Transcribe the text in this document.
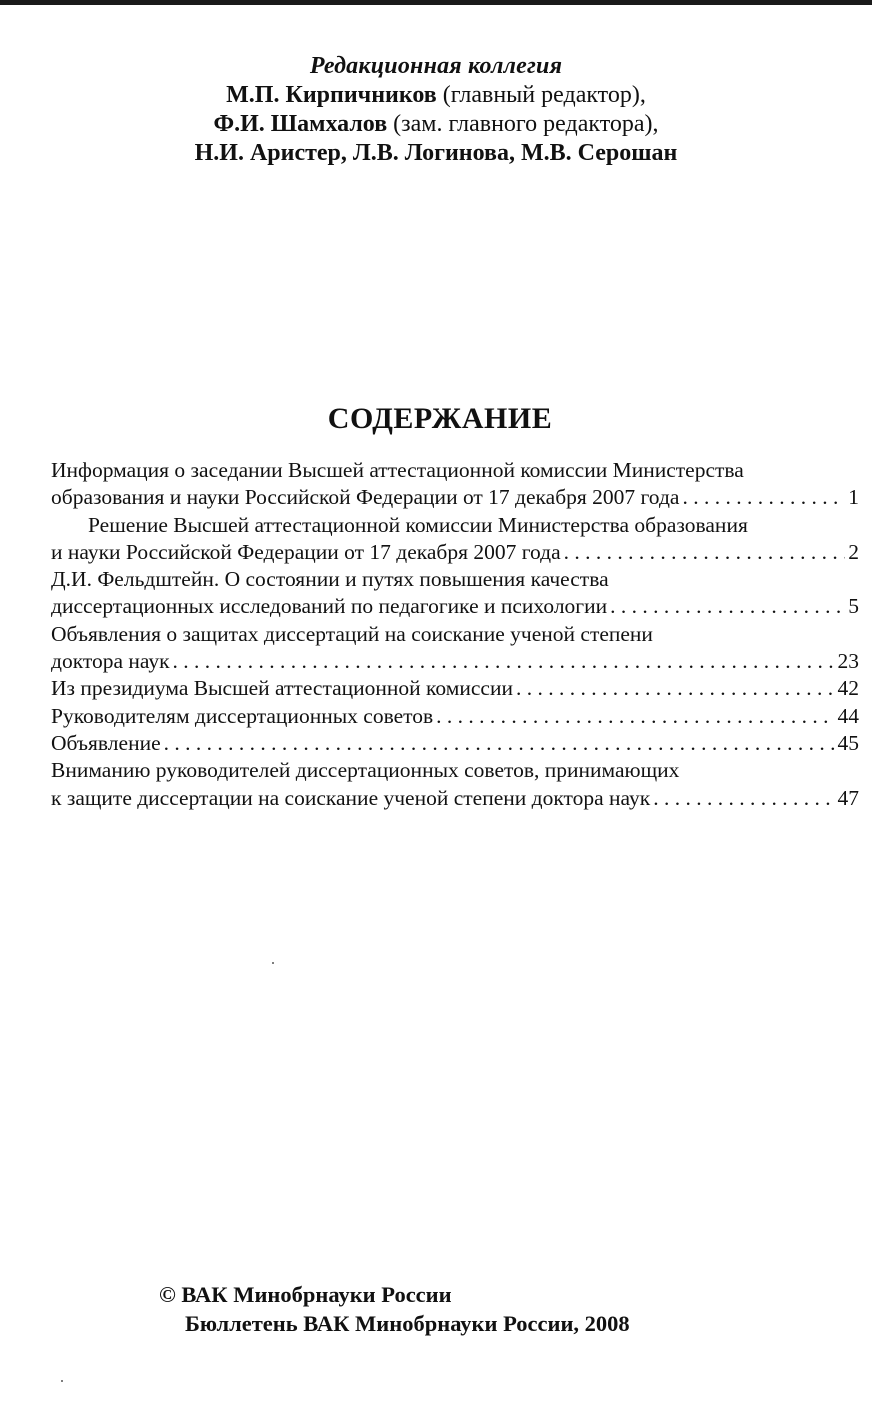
Редакционная коллегия
М.П. Кирпичников (главный редактор),
Ф.И. Шамхалов (зам. главного редактора),
Н.И. Аристер, Л.В. Логинова, М.В. Серошан
СОДЕРЖАНИЕ
Информация о заседании Высшей аттестационной комиссии Министерства
образования и науки Российской Федерации от 17 декабря 2007 года . . .	1
Решение Высшей аттестационной комиссии Министерства образования
и науки Российской Федерации от 17 декабря 2007 года . . .	2
Д.И. Фельдштейн. О состоянии и путях повышения качества
диссертационных исследований по педагогике и психологии . . .	5
Объявления о защитах диссертаций на соискание ученой степени
доктора наук . . .	23
Из президиума Высшей аттестационной комиссии . . .	42
Руководителям диссертационных советов . . .	44
Объявление . . .	45
Вниманию руководителей диссертационных советов, принимающих
к защите диссертации на соискание ученой степени доктора наук . . .	47
© ВАК Минобрнауки России
Бюллетень ВАК Минобрнауки России, 2008
